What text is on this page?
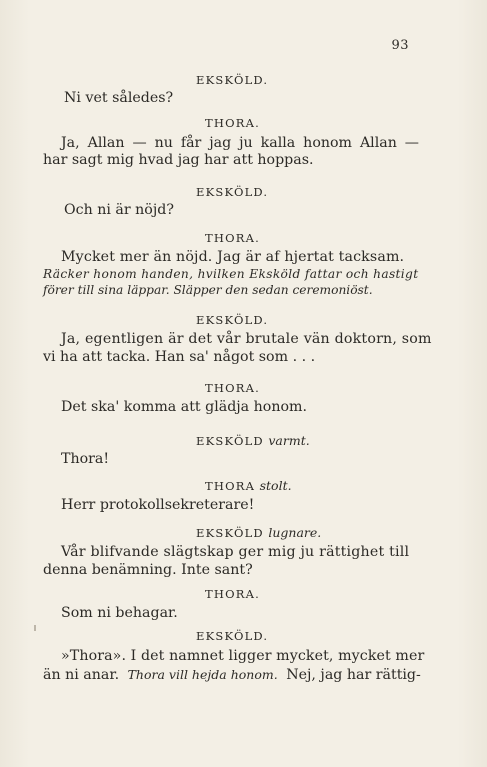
93
EKSKÖLD.
Ni vet således?
THORA.
Ja, Allan — nu får jag ju kalla honom Allan —
har sagt mig hvad jag har att hoppas.
EKSKÖLD.
Och ni är nöjd?
THORA.
Mycket mer än nöjd. Jag är af hjertat tacksam.
Räcker honom handen, hvilken Eksköld fattar och hastigt
förer till sina läppar. Släpper den sedan ceremoniöst.
EKSKÖLD.
Ja, egentligen är det vår brutale vän doktorn, som
vi ha att tacka. Han sa' något som . . .
THORA.
Det ska' komma att glädja honom.
EKSKÖLD varmt.
Thora!
THORA stolt.
Herr protokollsekreterare!
EKSKÖLD lugnare.
Vår blifvande slägtskap ger mig ju rättighet till
denna benämning. Inte sant?
THORA.
Som ni behagar.
EKSKÖLD.
»Thora». I det namnet ligger mycket, mycket mer
än ni anar. Thora vill hejda honom. Nej, jag har rättig-
